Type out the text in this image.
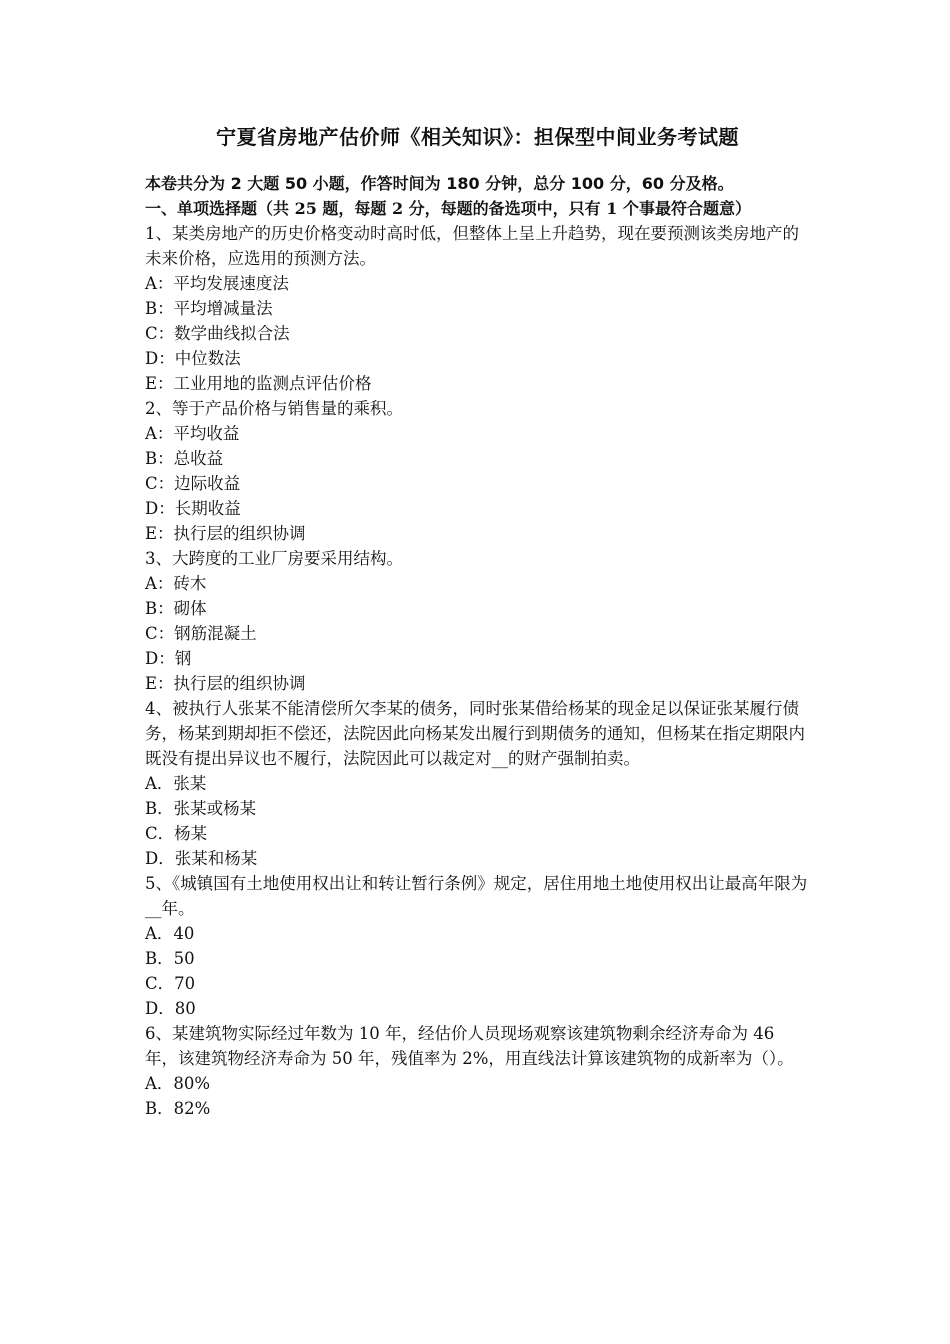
宁夏省房地产估价师《相关知识》：担保型中间业务考试题
本卷共分为 2 大题 50 小题，作答时间为 180 分钟，总分 100 分，60 分及格。
一、单项选择题（共 25 题，每题 2 分，每题的备选项中，只有 1 个事最符合题意）
1、某类房地产的历史价格变动时高时低，但整体上呈上升趋势，现在要预测该类房地产的未来价格，应选用的预测方法。
A：平均发展速度法
B：平均增减量法
C：数学曲线拟合法
D：中位数法
E：工业用地的监测点评估价格
2、等于产品价格与销售量的乘积。
A：平均收益
B：总收益
C：边际收益
D：长期收益
E：执行层的组织协调
3、大跨度的工业厂房要采用结构。
A：砖木
B：砌体
C：钢筋混凝土
D：钢
E：执行层的组织协调
4、被执行人张某不能清偿所欠李某的债务，同时张某借给杨某的现金足以保证张某履行债务，杨某到期却拒不偿还，法院因此向杨某发出履行到期债务的通知，但杨某在指定期限内既没有提出异议也不履行，法院因此可以裁定对__的财产强制拍卖。
A．张某
B．张某或杨某
C．杨某
D．张某和杨某
5、《城镇国有土地使用权出让和转让暂行条例》规定，居住用地土地使用权出让最高年限为__年。
A．40
B．50
C．70
D．80
6、某建筑物实际经过年数为 10 年，经估价人员现场观察该建筑物剩余经济寿命为 46 年，该建筑物经济寿命为 50 年，残值率为 2%，用直线法计算该建筑物的成新率为（）。
A．80%
B．82%
